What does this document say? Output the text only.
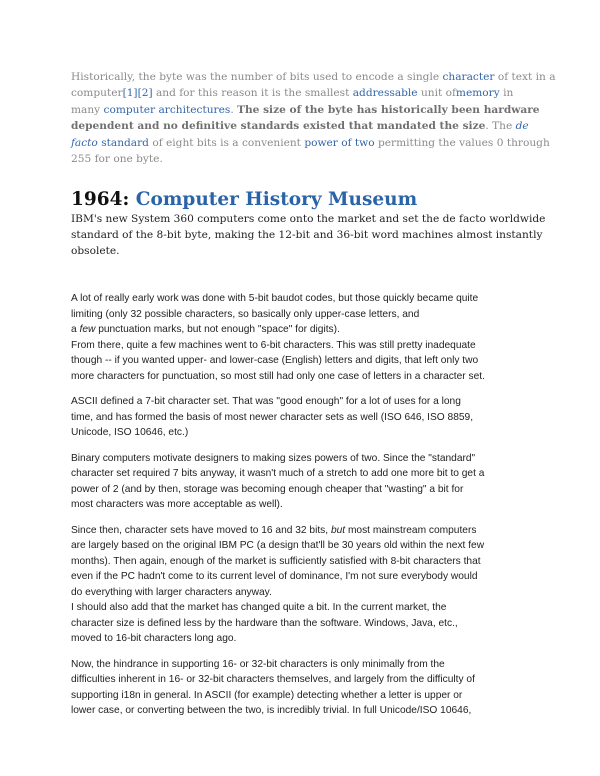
Historically, the byte was the number of bits used to encode a single character of text in a
computer[1][2] and for this reason it is the smallest addressable unit ofmemory in
many computer architectures. The size of the byte has historically been hardware
dependent and no definitive standards existed that mandated the size. The de
facto standard of eight bits is a convenient power of two permitting the values 0 through
255 for one byte.
1964: Computer History Museum
IBM's new System 360 computers come onto the market and set the de facto worldwide
standard of the 8-bit byte, making the 12-bit and 36-bit word machines almost instantly
obsolete.

A lot of really early work was done with 5-bit baudot codes, but those quickly became quite
limiting (only 32 possible characters, so basically only upper-case letters, and
a few punctuation marks, but not enough "space" for digits).
From there, quite a few machines went to 6-bit characters. This was still pretty inadequate
though -- if you wanted upper- and lower-case (English) letters and digits, that left only two
more characters for punctuation, so most still had only one case of letters in a character set.

ASCII defined a 7-bit character set. That was "good enough" for a lot of uses for a long
time, and has formed the basis of most newer character sets as well (ISO 646, ISO 8859,
Unicode, ISO 10646, etc.)

Binary computers motivate designers to making sizes powers of two. Since the "standard"
character set required 7 bits anyway, it wasn't much of a stretch to add one more bit to get a
power of 2 (and by then, storage was becoming enough cheaper that "wasting" a bit for
most characters was more acceptable as well).

Since then, character sets have moved to 16 and 32 bits, but most mainstream computers
are largely based on the original IBM PC (a design that'll be 30 years old within the next few
months). Then again, enough of the market is sufficiently satisfied with 8-bit characters that
even if the PC hadn't come to its current level of dominance, I'm not sure everybody would
do everything with larger characters anyway.
I should also add that the market has changed quite a bit. In the current market, the
character size is defined less by the hardware than the software. Windows, Java, etc.,
moved to 16-bit characters long ago.

Now, the hindrance in supporting 16- or 32-bit characters is only minimally from the
difficulties inherent in 16- or 32-bit characters themselves, and largely from the difficulty of
supporting i18n in general. In ASCII (for example) detecting whether a letter is upper or
lower case, or converting between the two, is incredibly trivial. In full Unicode/ISO 10646,
